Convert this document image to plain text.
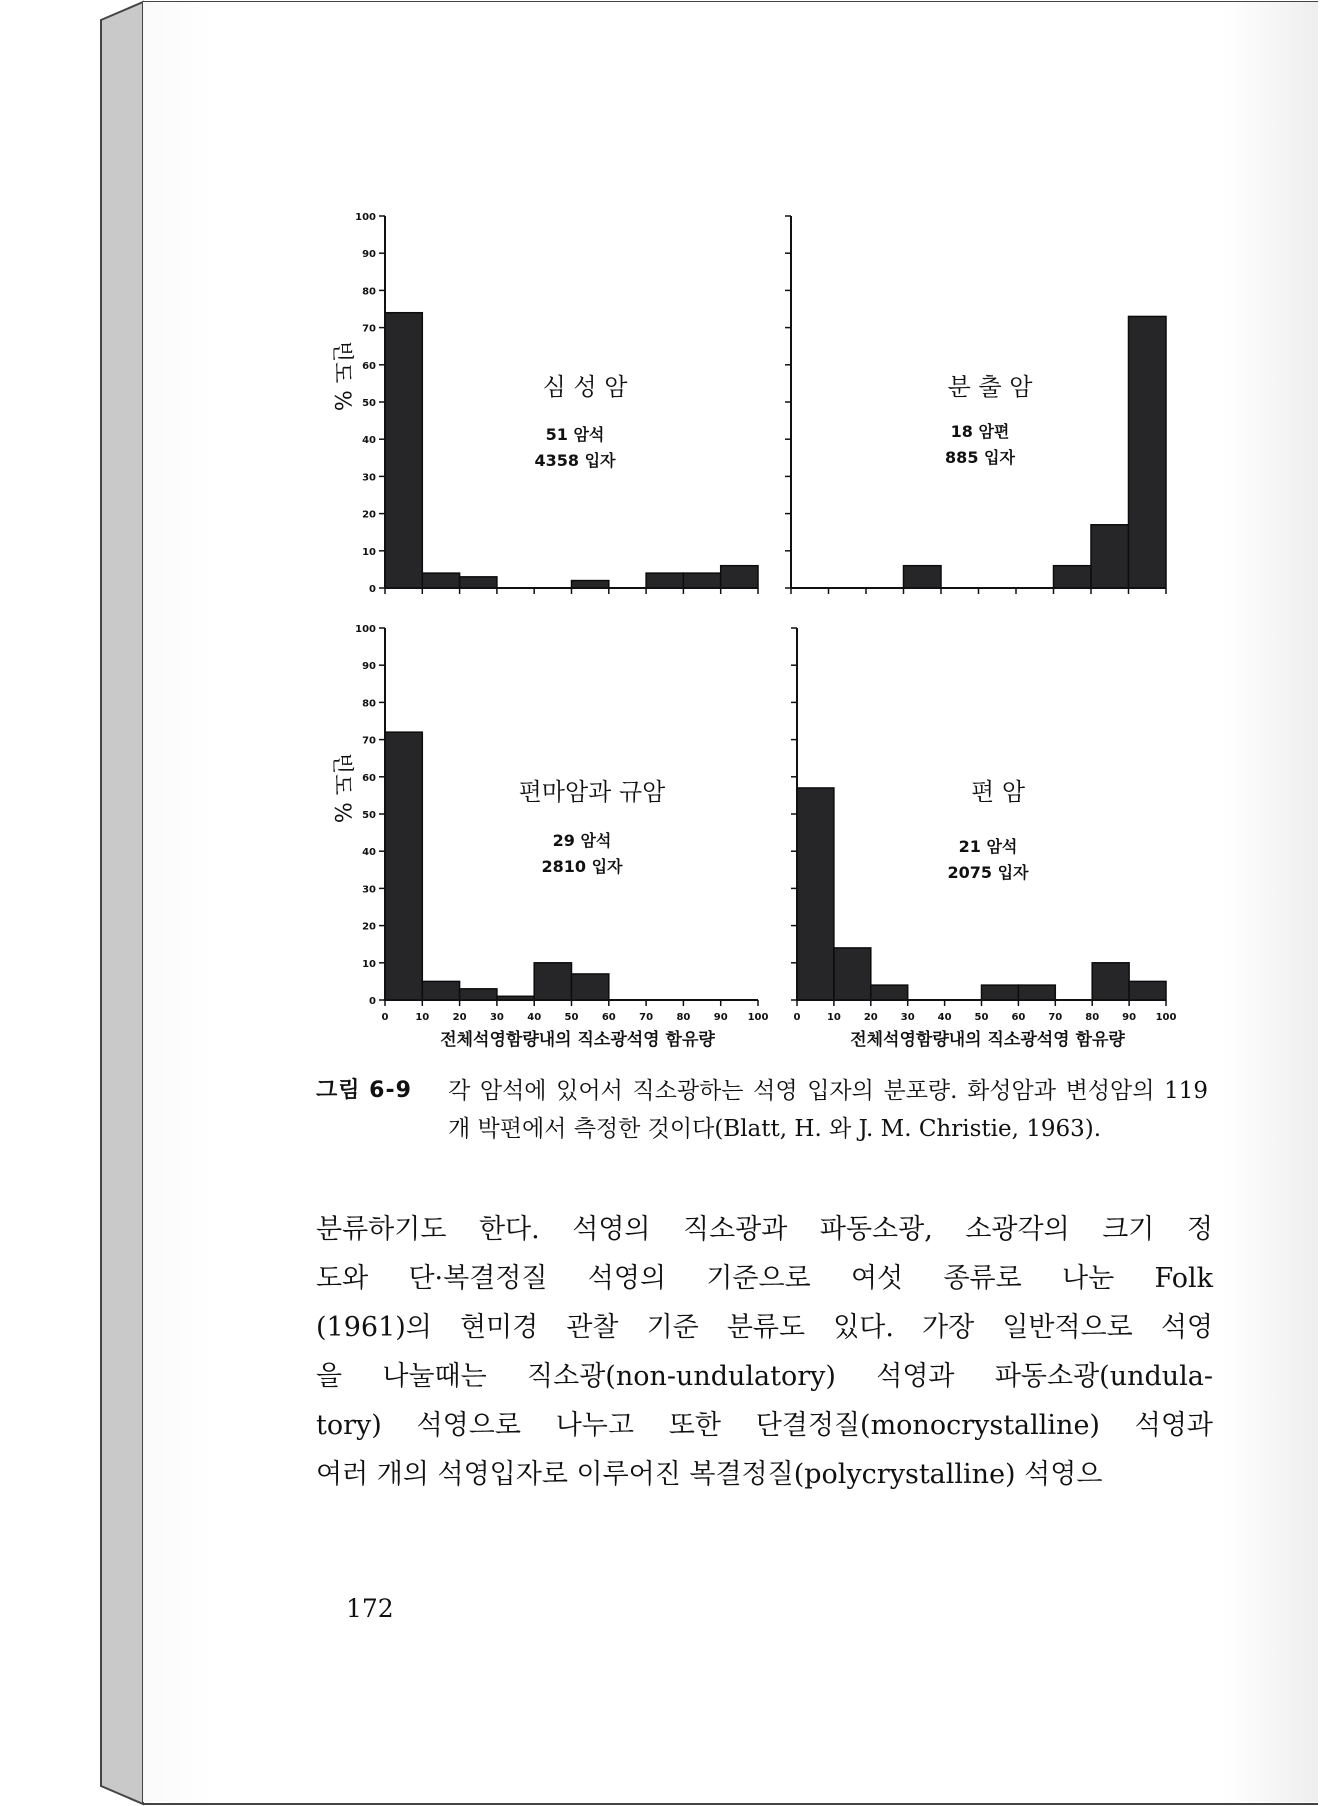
0
10
20
30
40
50
60
70
80
90
100
심 성 암
51 암석
4358 입자
빈도 %	분 출 암
18 암편
885 입자
0
10
20
30
40
50
60
70
80
90
100
0	10 20 30 40 50 60 70 80 90 100
편마암과 규암
29 암석
2810 입자
빈도 %
전체석영함량내의 직소광석영 함유량
0	10 20 30 40 50 60 70 80 90 100
편 암
21 암석
2075 입자
전체석영함량내의 직소광석영 함유량
그림 6-9 각 암석에 있어서 직소광하는 석영 입자의 분포량. 화성암과 변성암의 119개 박편에서 측정한 것이다(Blatt, H. 와 J. M. Christie, 1963).
분류하기도 한다. 석영의 직소광과 파동소광, 소광각의 크기 정
도와 단·복결정질 석영의 기준으로 여섯 종류로 나눈 Folk
(1961)의 현미경 관찰 기준 분류도 있다. 가장 일반적으로 석영
을 나눌때는 직소광(non-undulatory) 석영과 파동소광(undula-
tory) 석영으로 나누고 또한 단결정질(monocrystalline) 석영과
여러 개의 석영입자로 이루어진 복결정질(polycrystalline) 석영으
172
